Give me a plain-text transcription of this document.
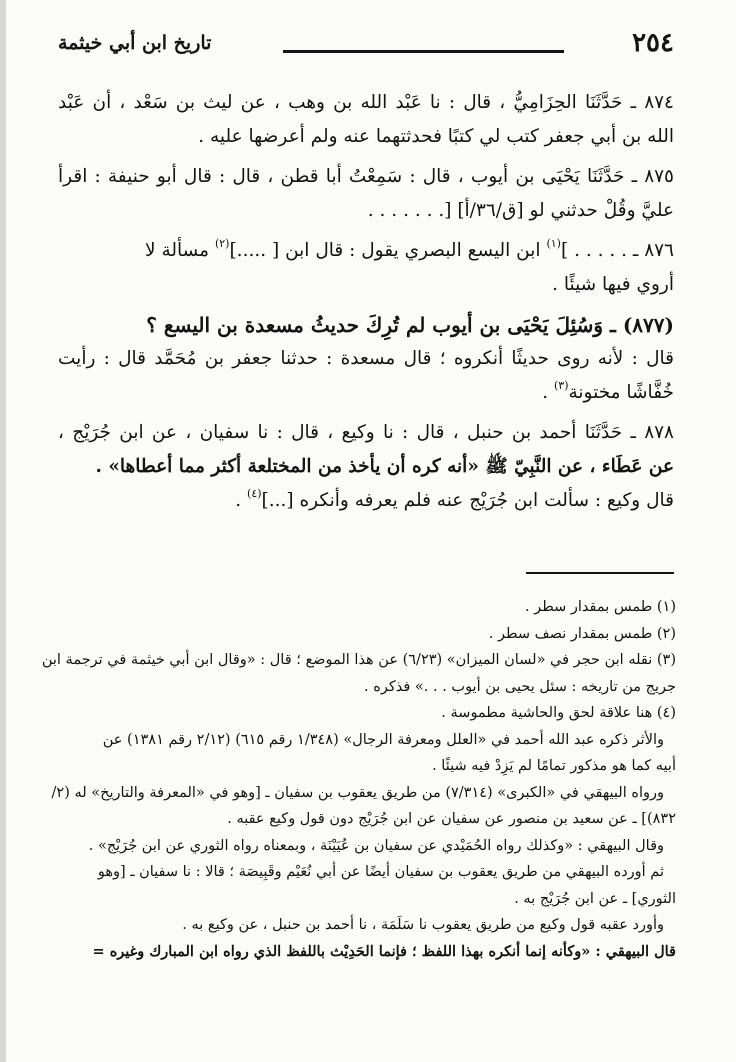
٢٥٤
تاريخ ابن أبي خيثمة
٨٧٤ ـ حَدَّثَنَا الحِزَامِيُّ ، قال : نا عَبْد الله بن وهب ، عن ليث بن سَعْد ، أن عَبْد
الله بن أبي جعفر كتب لي كتبًا فحدثتهما عنه ولم أعرضها عليه .
٨٧٥ ـ حَدَّثَنَا يَحْيَى بن أيوب ، قال : سَمِعْتُ أبا قطن ، قال : قال أبو حنيفة : اقرأ
عليَّ وقُلْ حدثني لو [ق/٣٦/أ] [. . . . . . .
٨٧٦ ـ . . . . . ]$^{(١)}$ ابن اليسع البصري يقول : قال ابن [ .....]$^{(٢)}$ مسألة لا
أروي فيها شيئًا .
(٨٧٧) ـ وَسُئِلَ يَحْيَى بن أيوب لم تُرِكَ حديثُ مسعدة بن اليسع ؟
قال : لأنه روى حديثًا أنكروه ؛ قال مسعدة : حدثنا جعفر بن مُحَمَّد قال : رأيت
خُفَّاشًا مختونة$^{(٣)}$ .
٨٧٨ ـ حَدَّثَنَا أحمد بن حنبل ، قال : نا وكيع ، قال : نا سفيان ، عن ابن جُرَيْج ،
عن عَطَاء ، عن النَّبِيّ ﷺ «أنه كره أن يأخذ من المختلعة أكثر مما أعطاها» .
قال وكيع : سألت ابن جُرَيْج عنه فلم يعرفه وأنكره [...]$^{(٤)}$ .
(١) طمس بمقدار سطر .
(٢) طمس بمقدار نصف سطر .
(٣) نقله ابن حجر في «لسان الميزان» (٦/٢٣) عن هذا الموضع ؛ قال : «وقال ابن أبي خيثمة في ترجمة ابن
جريج من تاريخه : سئل يحيى بن أيوب . . .» فذكره .
(٤) هنا علاقة لحق والحاشية مطموسة .
والأثر ذكره عبد الله أحمد في «العلل ومعرفة الرجال» (١/٣٤٨ رقم ٦١٥) (٢/١٢ رقم ١٣٨١) عن
أبيه كما هو مذكور تمامًا لم يَزِدْ فيه شيئًا .
ورواه البيهقي في «الكبرى» (٧/٣١٤) من طريق يعقوب بن سفيان ـ [وهو في «المعرفة والتاريخ» له (٢/
٨٣٢)] ـ عن سعيد بن منصور عن سفيان عن ابن جُرَيْج دون قول وكيع عقبه .
وقال البيهقي : «وكذلك رواه الحُمَيْدي عن سفيان بن عُيَيْنَة ، وبمعناه رواه الثوري عن ابن جُرَيْج» .
ثم أورده البيهقي من طريق يعقوب بن سفيان أيضًا عن أبي نُعَيْم وقَبِيصَة ؛ قالا : نا سفيان ـ [وهو
الثوري] ـ عن ابن جُرَيْج به .
وأورد عقبه قول وكيع من طريق يعقوب نا سَلَمَة ، نا أحمد بن حنبل ، عن وكيع به .
قال البيهقي : «وكأنه إنما أنكره بهذا اللفظ ؛ فإنما الحَدِيْث باللفظ الذي رواه ابن المبارك وغيره =
